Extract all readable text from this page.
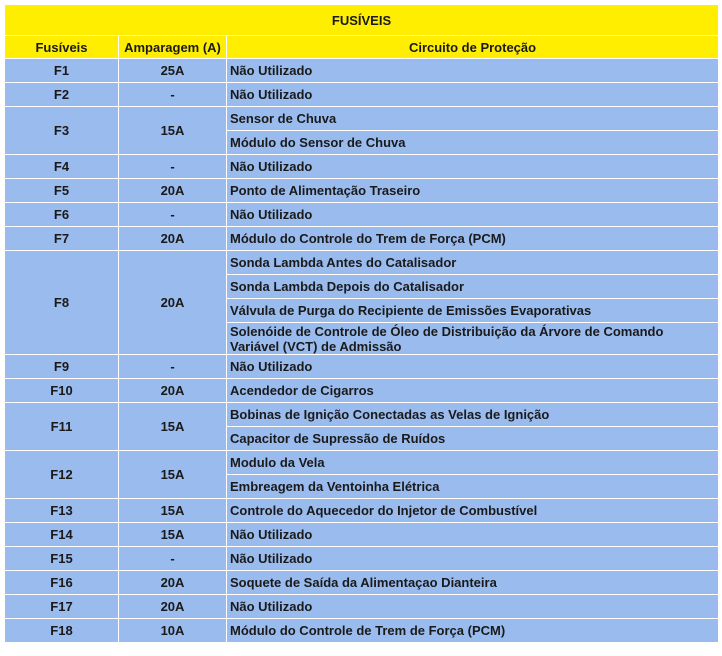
FUSÍVEIS		
Fusíveis	Amparagem (A)	Circuito de Proteção
F1	25A	Não Utilizado
F2	-	Não Utilizado
F3	15A	Sensor de Chuva
		Módulo do Sensor de Chuva
F4	-	Não Utilizado
F5	20A	Ponto de Alimentação Traseiro
F6	-	Não Utilizado
F7	20A	Módulo do Controle do Trem de Força (PCM)
F8	20A	Sonda Lambda Antes do Catalisador
		Sonda Lambda Depois do Catalisador
		Válvula de Purga do Recipiente de Emissões Evaporativas
		Solenóide de Controle de Óleo de Distribuição da Árvore de Comando Variável (VCT) de Admissão
F9	-	Não Utilizado
F10	20A	Acendedor de Cigarros
F11	15A	Bobinas de Ignição Conectadas as Velas de Ignição
		Capacitor de Supressão de Ruídos
F12	15A	Modulo da Vela
		Embreagem da Ventoinha Elétrica
F13	15A	Controle do Aquecedor do Injetor de Combustível
F14	15A	Não Utilizado
F15	-	Não Utilizado
F16	20A	Soquete de Saída da Alimentaçao Dianteira
F17	20A	Não Utilizado
F18	10A	Módulo do Controle de Trem de Força (PCM)
